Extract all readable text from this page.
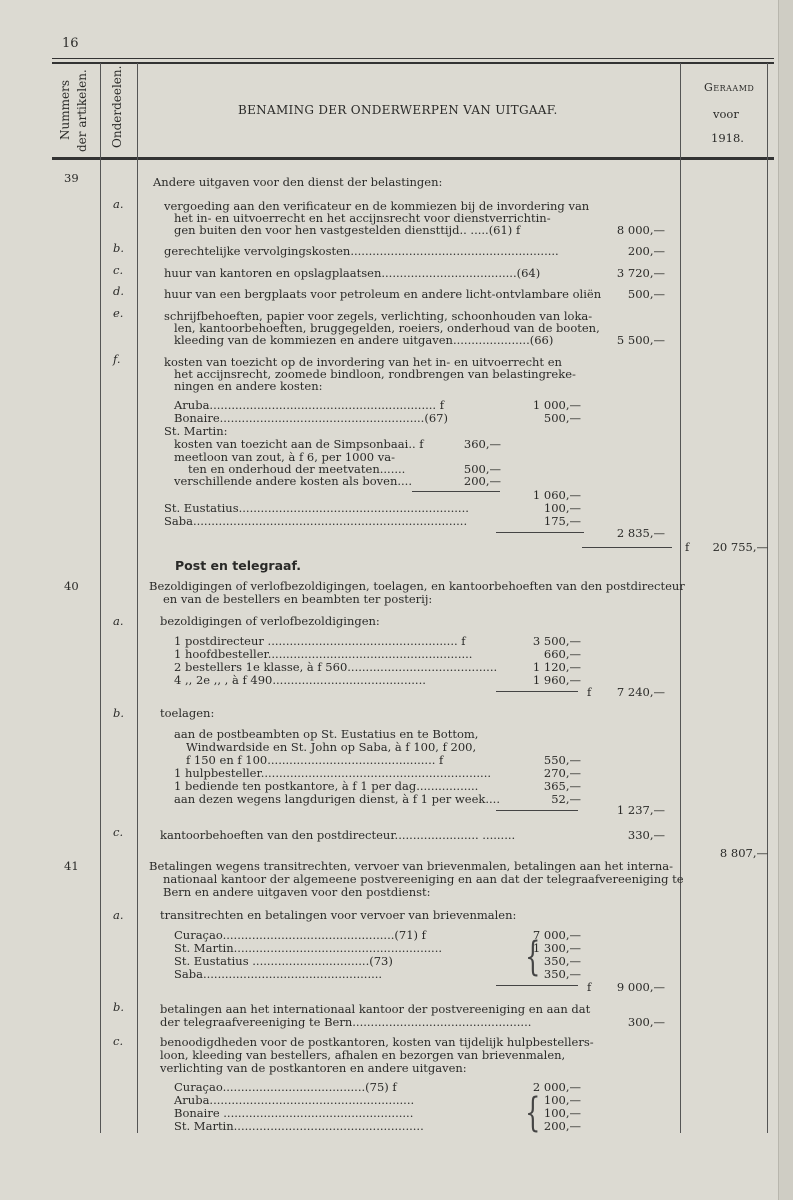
16
Nummers der artikelen. Onderdeelen.	BENAMING DER ONDERWERPEN VAN UITGAAF.
Geraamd
voor
1918.
39	Andere uitgaven voor den dienst der belastingen:
a.	vergoeding aan den verificateur en de kommiezen bij de invordering van
het in- en uitvoerrecht en het accijnsrecht voor dienstverrichtin-
gen buiten den voor hen vastgestelden diensttijd.. .....(61) f	8 000,—
b.	gerechtelijke vervolgingskosten.........................................................	200,—
c.	huur van kantoren en opslagplaatsen.....................................(64)	3 720,—
d.	huur van een bergplaats voor petroleum en andere licht-ontvlambare oliën 500,—
e.	schrijfbehoeften, papier voor zegels, verlichting, schoonhouden van loka-
len, kantoorbehoeften, bruggegelden, roeiers, onderhoud van de booten,
kleeding van de kommiezen en andere uitgaven.....................(66)	5 500,—
f.	kosten van toezicht op de invordering van het in- en uitvoerrecht en
het accijnsrecht, zoomede bindloon, rondbrengen van belastingreke-
ningen en andere kosten:
Aruba.............................................................. f	1 000,—
Bonaire........................................................(67)	500,—
St. Martin:
kosten van toezicht aan de Simpsonbaai.. f	360,—
meetloon van zout, à f 6, per 1000 va-
ten en onderhoud der meetvaten.......	500,—
verschillende andere kosten als boven....	200,—
1 060,—
St. Eustatius...............................................................	100,—
Saba...........................................................................	175,—
2 835,—
f 20 755,—
Post en telegraaf.
40	Bezoldigingen of verlofbezoldigingen, toelagen, en kantoorbehoeften van den postdirecteur
en van de bestellers en beambten ter posterij:
a.	bezoldigingen of verlofbezoldigingen:
1 postdirecteur .................................................... f	3 500,—
1 hoofdbesteller........................................................	660,—
2 bestellers 1e klasse, à f 560.........................................	1 120,—
4 ,, 2e ,, , à f 490..........................................	1 960,—
f 7 240,—
b.	toelagen:
aan de postbeambten op St. Eustatius en te Bottom,
Windwardside en St. John op Saba, à f 100, f 200,
f 150 en f 100.............................................. f	550,—
1 hulpbesteller...............................................................	270,—
1 bediende ten postkantore, à f 1 per dag.................	365,—
aan dezen wegens langdurigen dienst, à f 1 per week....	52,—
1 237,—
c.	kantoorbehoeften van den postdirecteur....................... .........	330,—
8 807,—
41	Betalingen wegens transitrechten, vervoer van brievenmalen, betalingen aan het interna-
nationaal kantoor der algemeene postvereeniging en aan dat der telegraafvereeniging te
Bern en andere uitgaven voor den postdienst:
a.	transitrechten en betalingen voor vervoer van brievenmalen:
Curaçao...............................................(71) f	7 000,—
St. Martin.........................................................	1 300,—
St. Eustatius ................................(73)	350,—
Saba.................................................	350,—
{
f 9 000,—
b.	betalingen aan het internationaal kantoor der postvereeniging en aan dat
der telegraafvereeniging te Bern.................................................	300,—
c.	benoodigdheden voor de postkantoren, kosten van tijdelijk hulpbestellers-
loon, kleeding van bestellers, afhalen en bezorgen van brievenmalen,
verlichting van de postkantoren en andere uitgaven:
Curaçao.......................................(75) f	2 000,—
Aruba........................................................	100,—
Bonaire ....................................................	100,—
St. Martin....................................................	200,—
{
